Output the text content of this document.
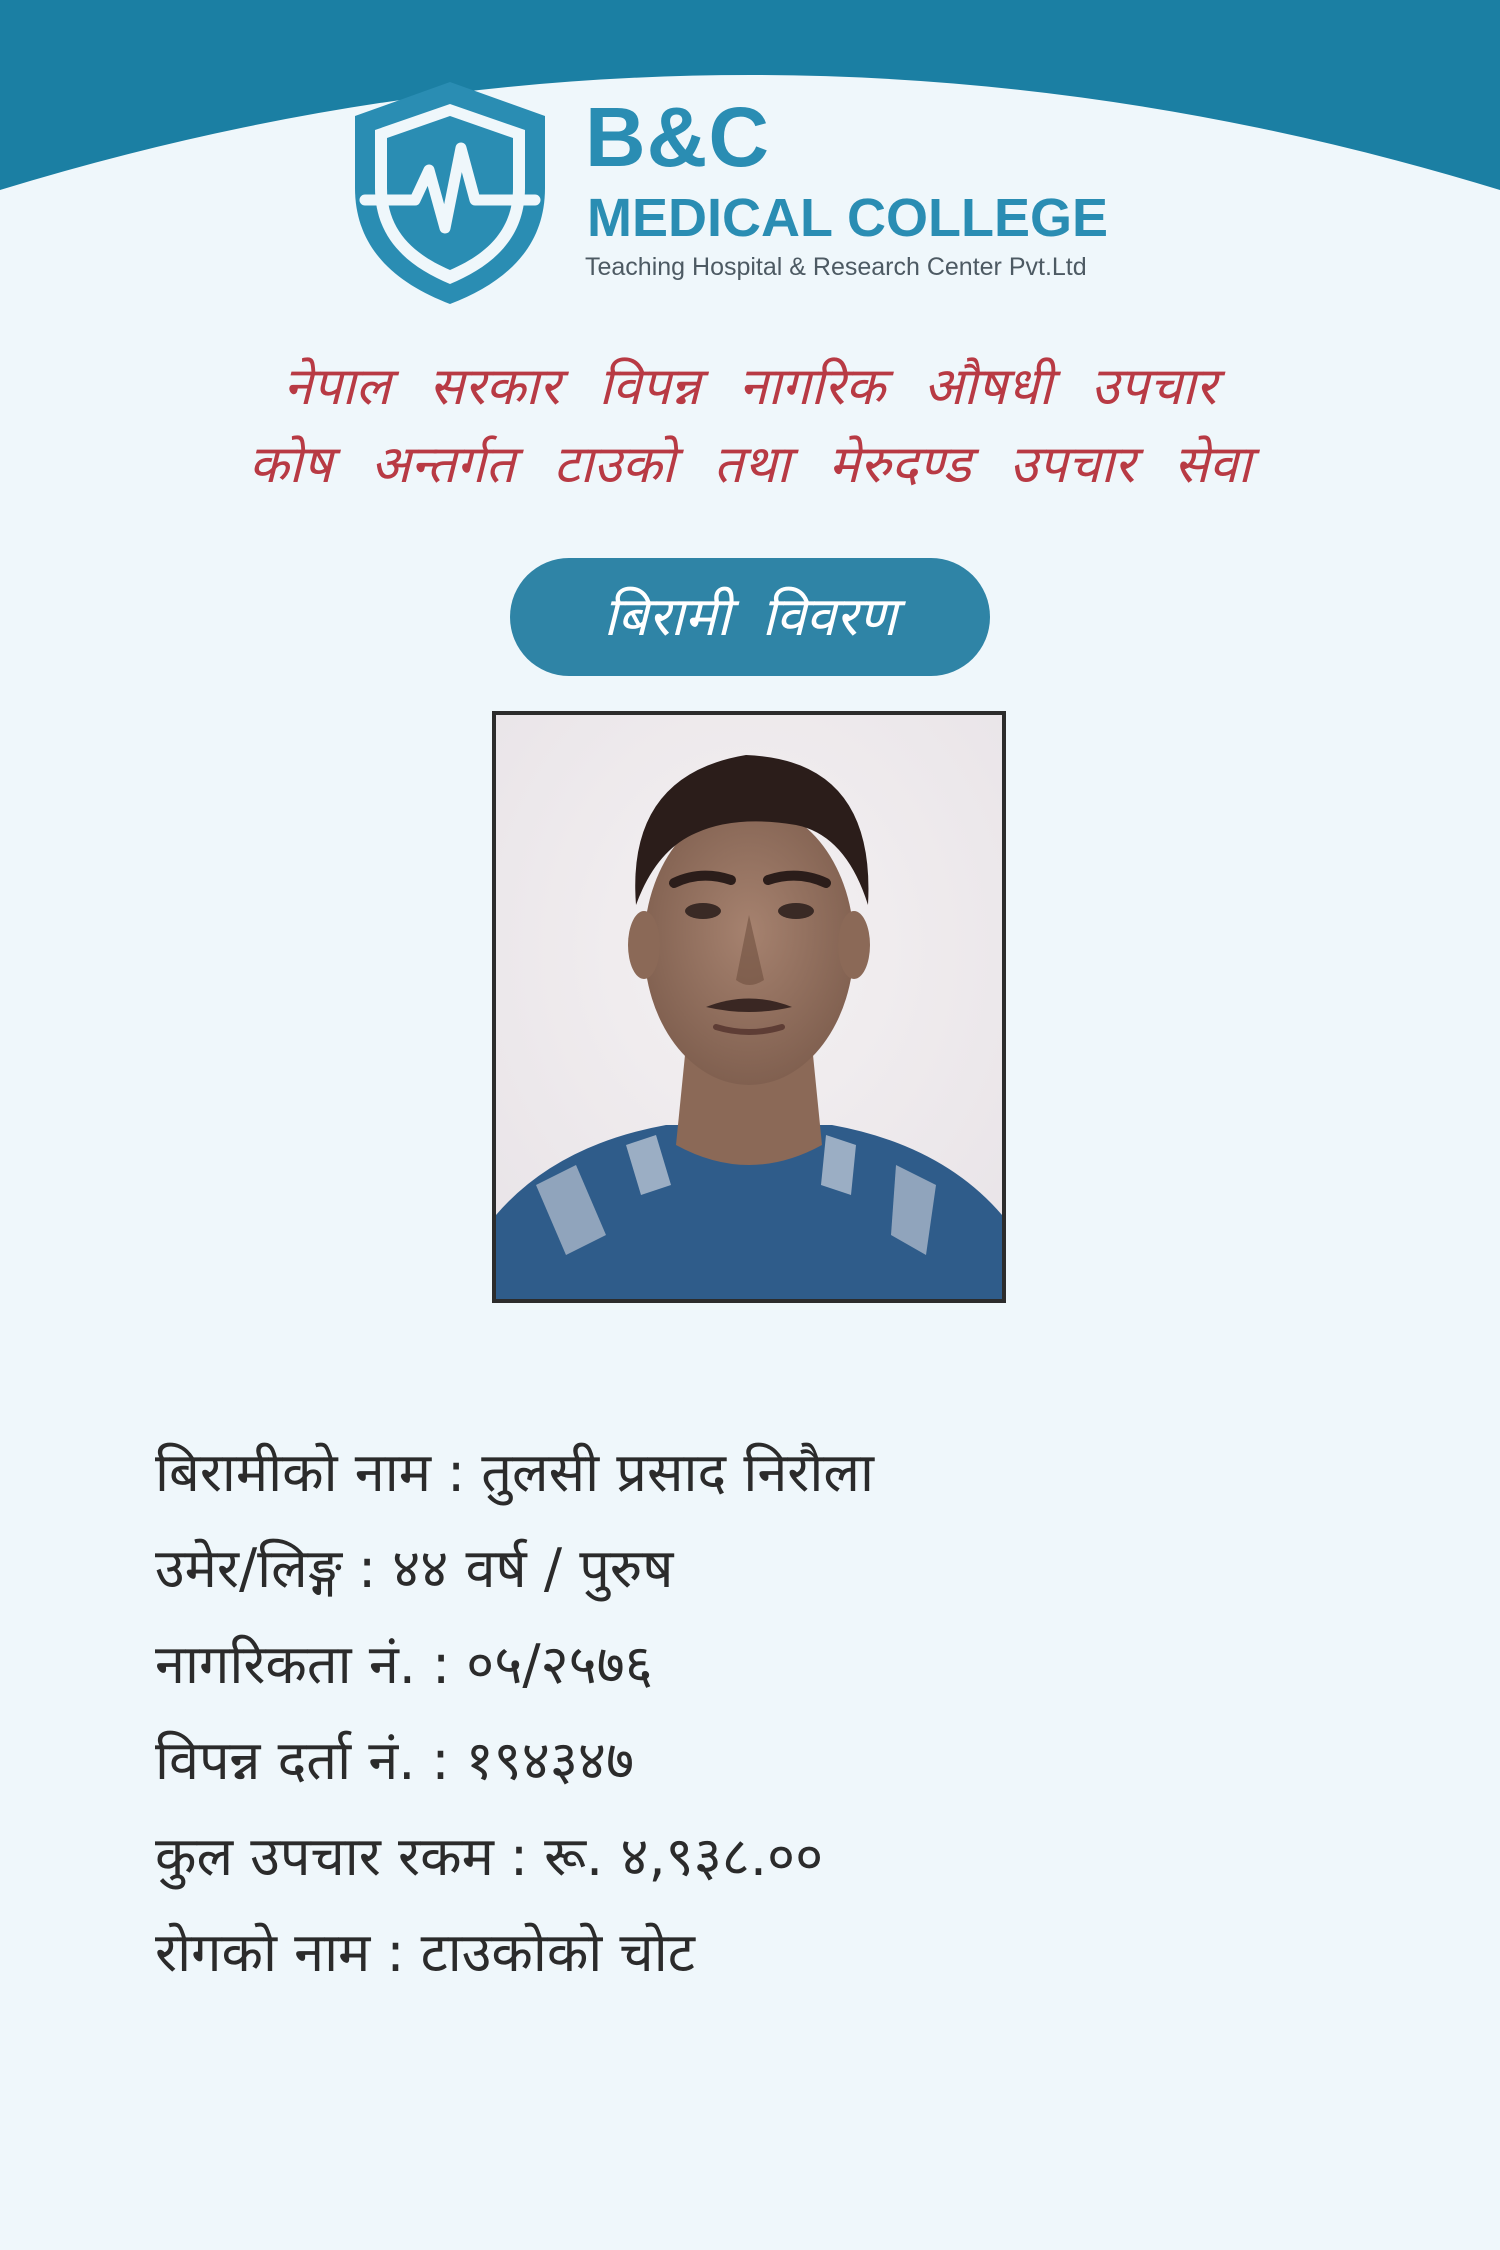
B&C
MEDICAL COLLEGE
Teaching Hospital & Research Center Pvt.Ltd
नेपाल सरकार विपन्न नागरिक औषधी उपचार
कोष अन्तर्गत टाउको तथा मेरुदण्ड उपचार सेवा
बिरामी विवरण
बिरामीको नाम : तुलसी प्रसाद निरौला
उमेर/लिङ्ग : ४४ वर्ष / पुरुष
नागरिकता नं. : ०५/२५७६
विपन्न दर्ता नं. : १९४३४७
कुल उपचार रकम : रू. ४,९३८.००
रोगको नाम : टाउकोको चोट
